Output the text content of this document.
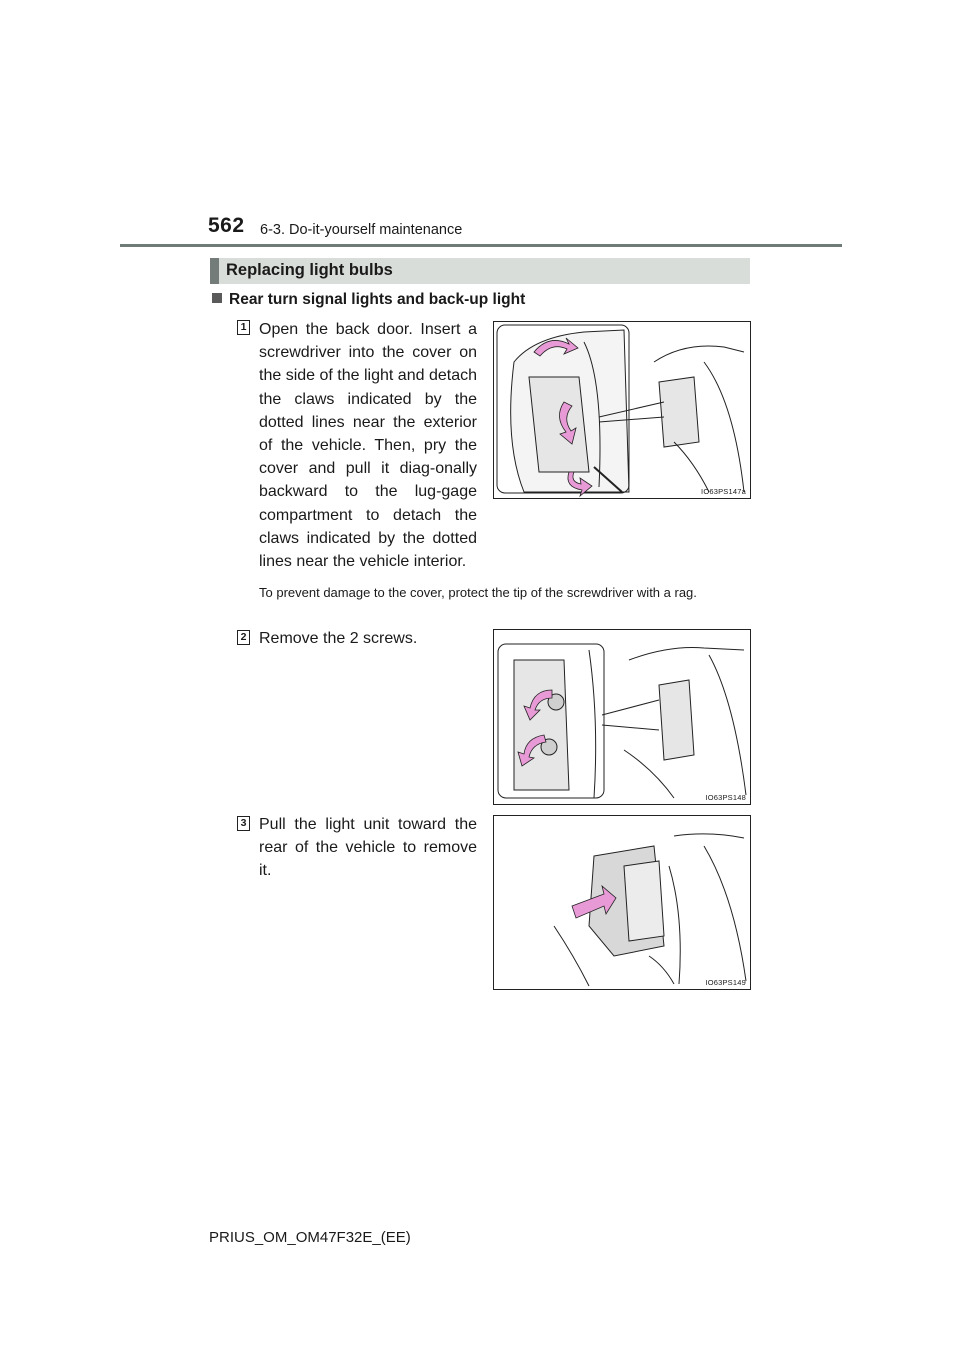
562 6-3. Do-it-yourself maintenance
Replacing light bulbs
Rear turn signal lights and back-up light
1 Open the back door. Insert a screwdriver into the cover on the side of the light and detach the claws indicated by the dotted lines near the exterior of the vehicle. Then, pry the cover and pull it diag-onally backward to the lug-gage compartment to detach the claws indicated by the dotted lines near the vehicle interior.
IO63PS147a
To prevent damage to the cover, protect the tip of the screwdriver with a rag.
2 Remove the 2 screws.
IO63PS148
3 Pull the light unit toward the rear of the vehicle to remove it.
IO63PS149
PRIUS_OM_OM47F32E_(EE)
